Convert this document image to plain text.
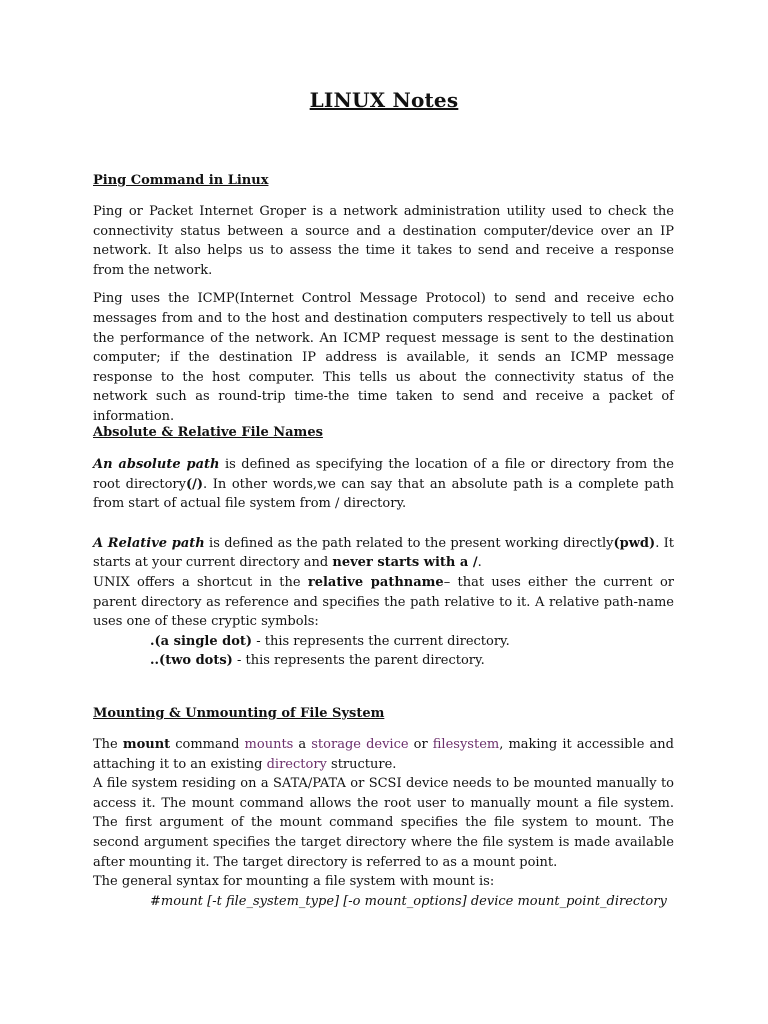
LINUX Notes
Ping Command in Linux

Ping or Packet Internet Groper is a network administration utility used to check the connectivity status between a source and a destination computer/device over an IP network. It also helps us to assess the time it takes to send and receive a response from the network.

Ping uses the ICMP(Internet Control Message Protocol) to send and receive echo messages from and to the host and destination computers respectively to tell us about the performance of the network. An ICMP request message is sent to the destination computer; if the destination IP address is available, it sends an ICMP message response to the host computer. This tells us about the connectivity status of the network such as round-trip time-the time taken to send and receive a packet of information.

Absolute & Relative File Names

An absolute path is defined as specifying the location of a file or directory from the root directory(/). In other words,we can say that an absolute path is a complete path from start of actual file system from / directory.

A Relative path is defined as the path related to the present working directly(pwd). It starts at your current directory and never starts with a /.

UNIX offers a shortcut in the relative pathname– that uses either the current or parent directory as reference and specifies the path relative to it. A relative path-name uses one of these cryptic symbols:

.(a single dot) - this represents the current directory.

..(two dots) - this represents the parent directory.

Mounting & Unmounting of File System

The mount command mounts a storage device or filesystem, making it accessible and attaching it to an existing directory structure.

A file system residing on a SATA/PATA or SCSI device needs to be mounted manually to access it. The mount command allows the root user to manually mount a file system. The first argument of the mount command specifies the file system to mount. The second argument specifies the target directory where the file system is made available after mounting it. The target directory is referred to as a mount point.

The general syntax for mounting a file system with mount is:

#mount [-t file_system_type] [-o mount_options] device mount_point_directory
